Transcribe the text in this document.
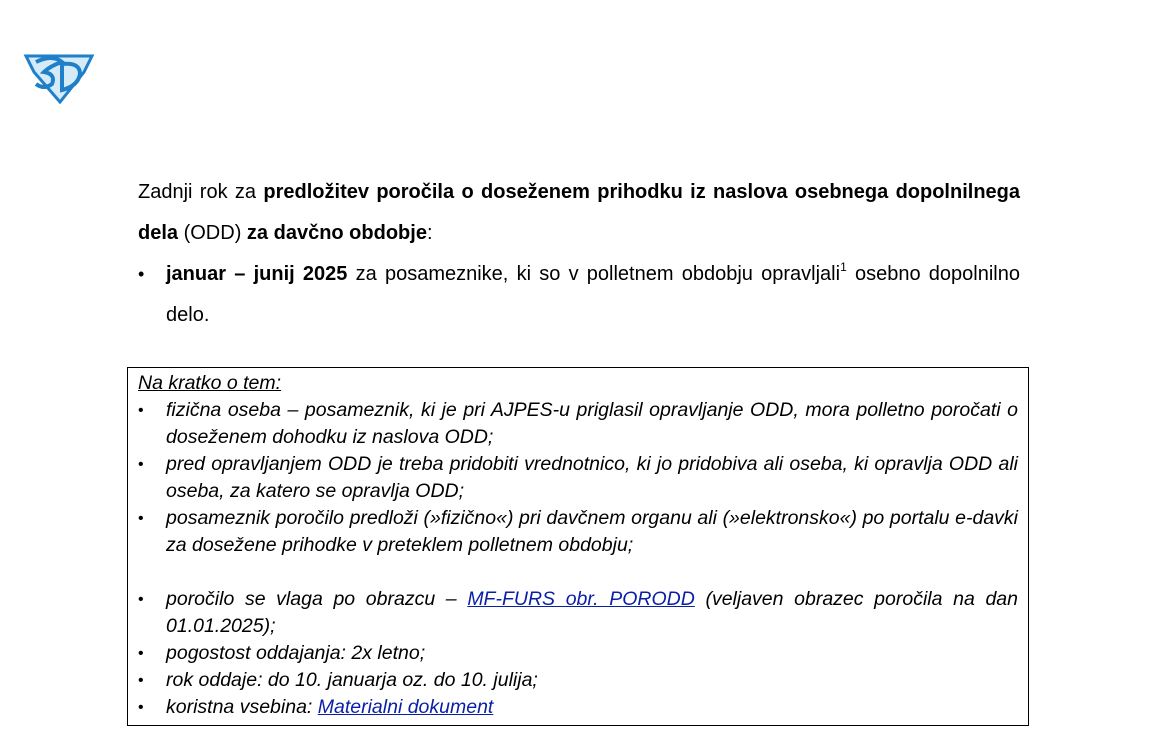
Zadnji rok za predložitev poročila o doseženem prihodku iz naslova osebnega dopolnilnega dela (ODD) za davčno obdobje:

• januar – junij 2025 za posameznike, ki so v polletnem obdobju opravljali$^1$ osebno dopolnilno delo.

Na kratko o tem:

• fizična oseba – posameznik, ki je pri AJPES-u priglasil opravljanje ODD, mora polletno poročati o doseženem dohodku iz naslova ODD;
• pred opravljanjem ODD je treba pridobiti vrednotnico, ki jo pridobiva ali oseba, ki opravlja ODD ali oseba, za katero se opravlja ODD;
• posameznik poročilo predloži (»fizično«) pri davčnem organu ali (»elektronsko«) po portalu e-davki za dosežene prihodke v preteklem polletnem obdobju;
• poročilo se vlaga po obrazcu – MF-FURS obr. PORODD (veljaven obrazec poročila na dan 01.01.2025);
• pogostost oddajanja: 2x letno;
• rok oddaje: do 10. januarja oz. do 10. julija;
• koristna vsebina: Materialni dokument
